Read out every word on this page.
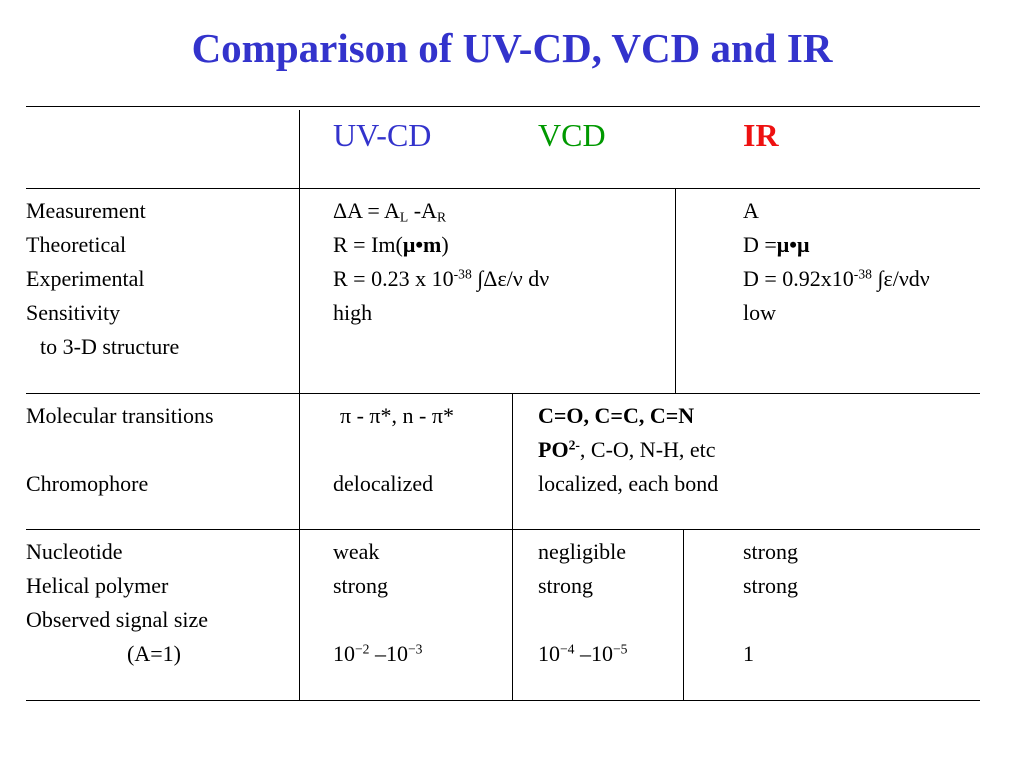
Comparison of UV-CD, VCD and IR
UV-CD	VCD	IR
Measurement
Theoretical
Experimental
Sensitivity
to 3-D structure
$\Delta A = A_L$ $-A_R$
R = Im(μ•m)
R = 0.23 x $10^{-38}$ ∫Δε/ν dν
high
A
D =μ•μ
$D = 0.92x10^{-38}$ ∫ε/νdν
low
Molecular transitions
Chromophore
π - π*, n - π*
delocalized
C=O, C=C, C=N
$PO^{2-}$, C-O, N-H, etc
localized, each bond
Nucleotide
Helical polymer
Observed signal size
(A=1)
weak
strong
$10^{-2}$ $-10^{-3}$
negligible
strong
$10^{-4}$ $-10^{-5}$
strong
strong
1
